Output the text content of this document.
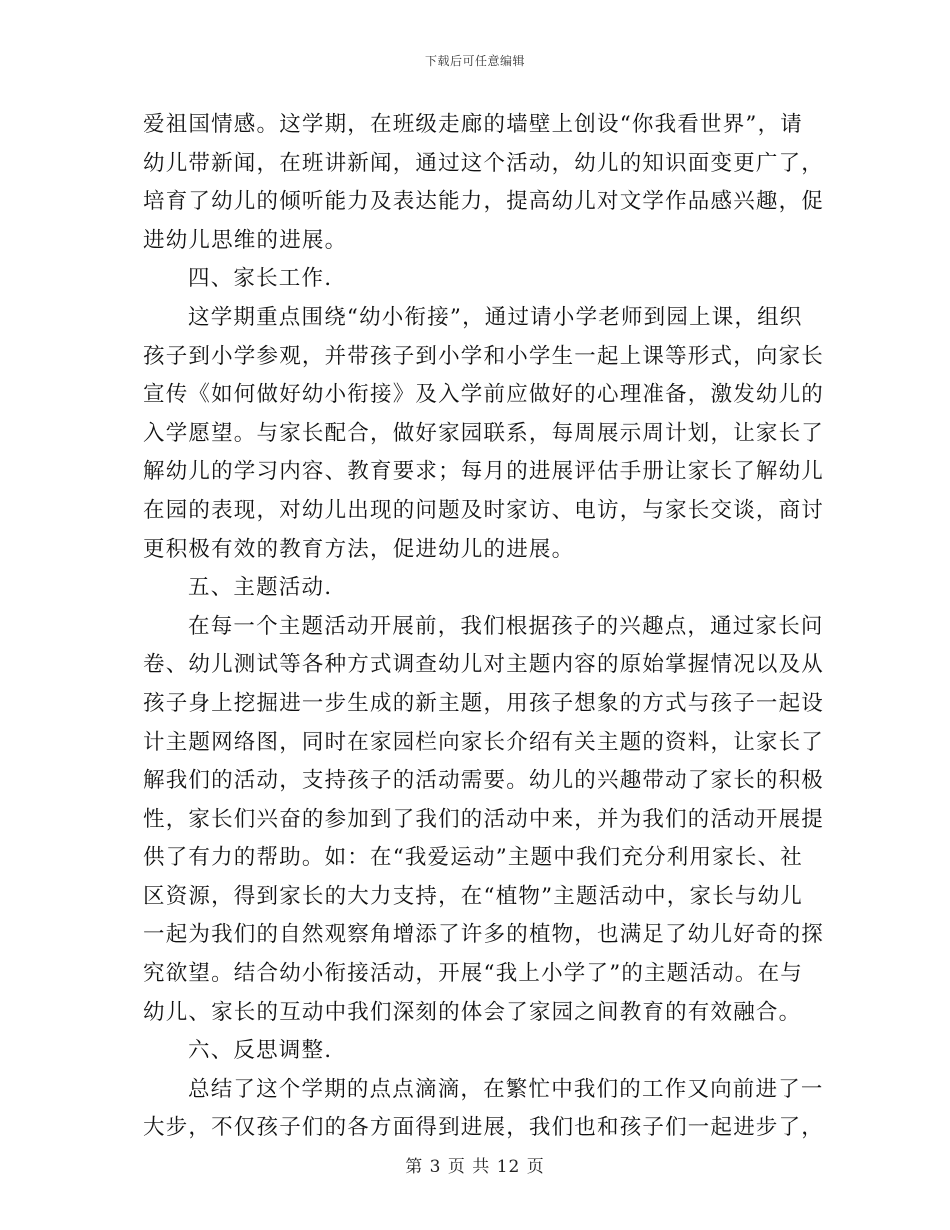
下载后可任意编辑
爱祖国情感。这学期，在班级走廊的墙壁上创设“你我看世界”，请
幼儿带新闻，在班讲新闻，通过这个活动，幼儿的知识面变更广了，
培育了幼儿的倾听能力及表达能力，提高幼儿对文学作品感兴趣，促
进幼儿思维的进展。
四、家长工作.
这学期重点围绕“幼小衔接”，通过请小学老师到园上课，组织
孩子到小学参观，并带孩子到小学和小学生一起上课等形式，向家长
宣传《如何做好幼小衔接》及入学前应做好的心理准备，激发幼儿的
入学愿望。与家长配合，做好家园联系，每周展示周计划，让家长了
解幼儿的学习内容、教育要求；每月的进展评估手册让家长了解幼儿
在园的表现，对幼儿出现的问题及时家访、电访，与家长交谈，商讨
更积极有效的教育方法，促进幼儿的进展。
五、主题活动.
在每一个主题活动开展前，我们根据孩子的兴趣点，通过家长问
卷、幼儿测试等各种方式调查幼儿对主题内容的原始掌握情况以及从
孩子身上挖掘进一步生成的新主题，用孩子想象的方式与孩子一起设
计主题网络图，同时在家园栏向家长介绍有关主题的资料，让家长了
解我们的活动，支持孩子的活动需要。幼儿的兴趣带动了家长的积极
性，家长们兴奋的参加到了我们的活动中来，并为我们的活动开展提
供了有力的帮助。如：在“我爱运动”主题中我们充分利用家长、社
区资源，得到家长的大力支持，在“植物”主题活动中，家长与幼儿
一起为我们的自然观察角增添了许多的植物，也满足了幼儿好奇的探
究欲望。结合幼小衔接活动，开展“我上小学了”的主题活动。在与
幼儿、家长的互动中我们深刻的体会了家园之间教育的有效融合。
六、反思调整.
总结了这个学期的点点滴滴，在繁忙中我们的工作又向前进了一
大步，不仅孩子们的各方面得到进展，我们也和孩子们一起进步了，
第 3 页 共 12 页
